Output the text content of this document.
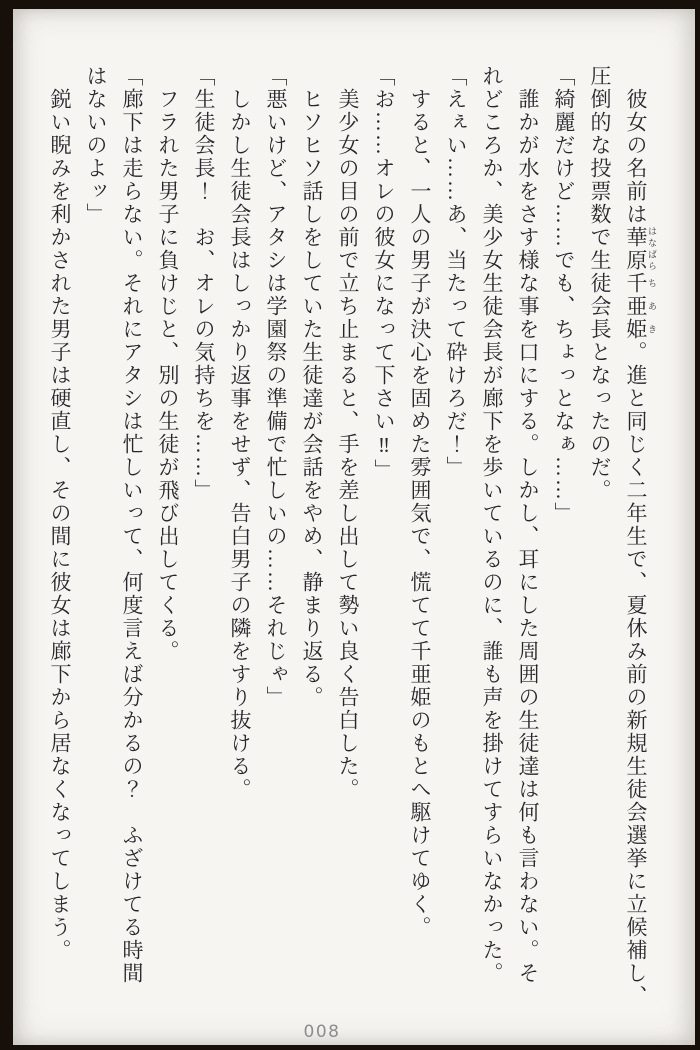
彼女の名前は華原 はなばら千亜姫 ちあき。進と同じく二年生で、夏休み前の新規生徒会選挙に立候補し、

圧倒的な投票数で生徒会長となったのだ。

「綺麗だけど……でも、ちょっとなぁ……」

誰かが水をさす様な事を口にする。しかし、耳にした周囲の生徒達は何も言わない。そ

れどころか、美少女生徒会長が廊下を歩いているのに、誰も声を掛けてすらいなかった。

「えぇい……あ、当たって砕けろだ！」

すると、一人の男子が決心を固めた雰囲気で、慌てて千亜姫のもとへ駆けてゆく。

「お……オレの彼女になって下さい‼」

美少女の目の前で立ち止まると、手を差し出して勢い良く告白した。

ヒソヒソ話しをしていた生徒達が会話をやめ、静まり返る。

「悪いけど、アタシは学園祭の準備で忙しいの……それじゃ」

しかし生徒会長はしっかり返事をせず、告白男子の隣をすり抜ける。

「生徒会長！　お、オレの気持ちを……」

フラれた男子に負けじと、別の生徒が飛び出してくる。

「廊下は走らない。それにアタシは忙しいって、何度言えば分かるの？　ふざけてる時間

はないのよッ」

鋭い睨みを利かされた男子は硬直し、その間に彼女は廊下から居なくなってしまう。

008
